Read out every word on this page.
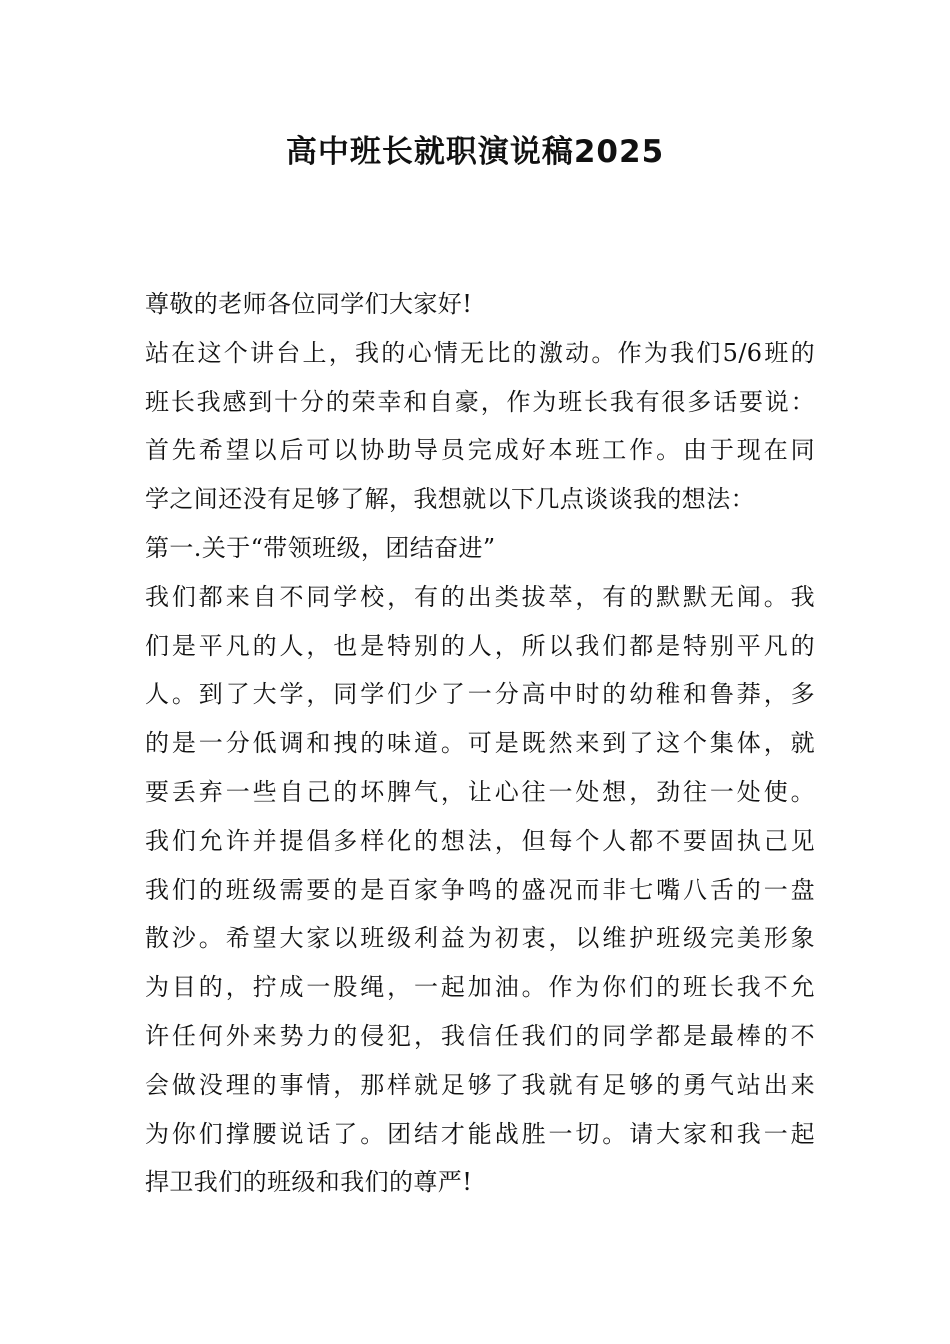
高中班长就职演说稿2025
尊敬的老师各位同学们大家好!
站在这个讲台上，我的心情无比的激动。作为我们5/6班的
班长我感到十分的荣幸和自豪，作为班长我有很多话要说：
首先希望以后可以协助导员完成好本班工作。由于现在同
学之间还没有足够了解，我想就以下几点谈谈我的想法：
第一.关于“带领班级，团结奋进”
我们都来自不同学校，有的出类拔萃，有的默默无闻。我
们是平凡的人，也是特别的人，所以我们都是特别平凡的
人。到了大学，同学们少了一分高中时的幼稚和鲁莽，多
的是一分低调和拽的味道。可是既然来到了这个集体，就
要丢弃一些自己的坏脾气，让心往一处想，劲往一处使。
我们允许并提倡多样化的想法，但每个人都不要固执己见
我们的班级需要的是百家争鸣的盛况而非七嘴八舌的一盘
散沙。希望大家以班级利益为初衷，以维护班级完美形象
为目的，拧成一股绳，一起加油。作为你们的班长我不允
许任何外来势力的侵犯，我信任我们的同学都是最棒的不
会做没理的事情，那样就足够了我就有足够的勇气站出来
为你们撑腰说话了。团结才能战胜一切。请大家和我一起
捍卫我们的班级和我们的尊严!
